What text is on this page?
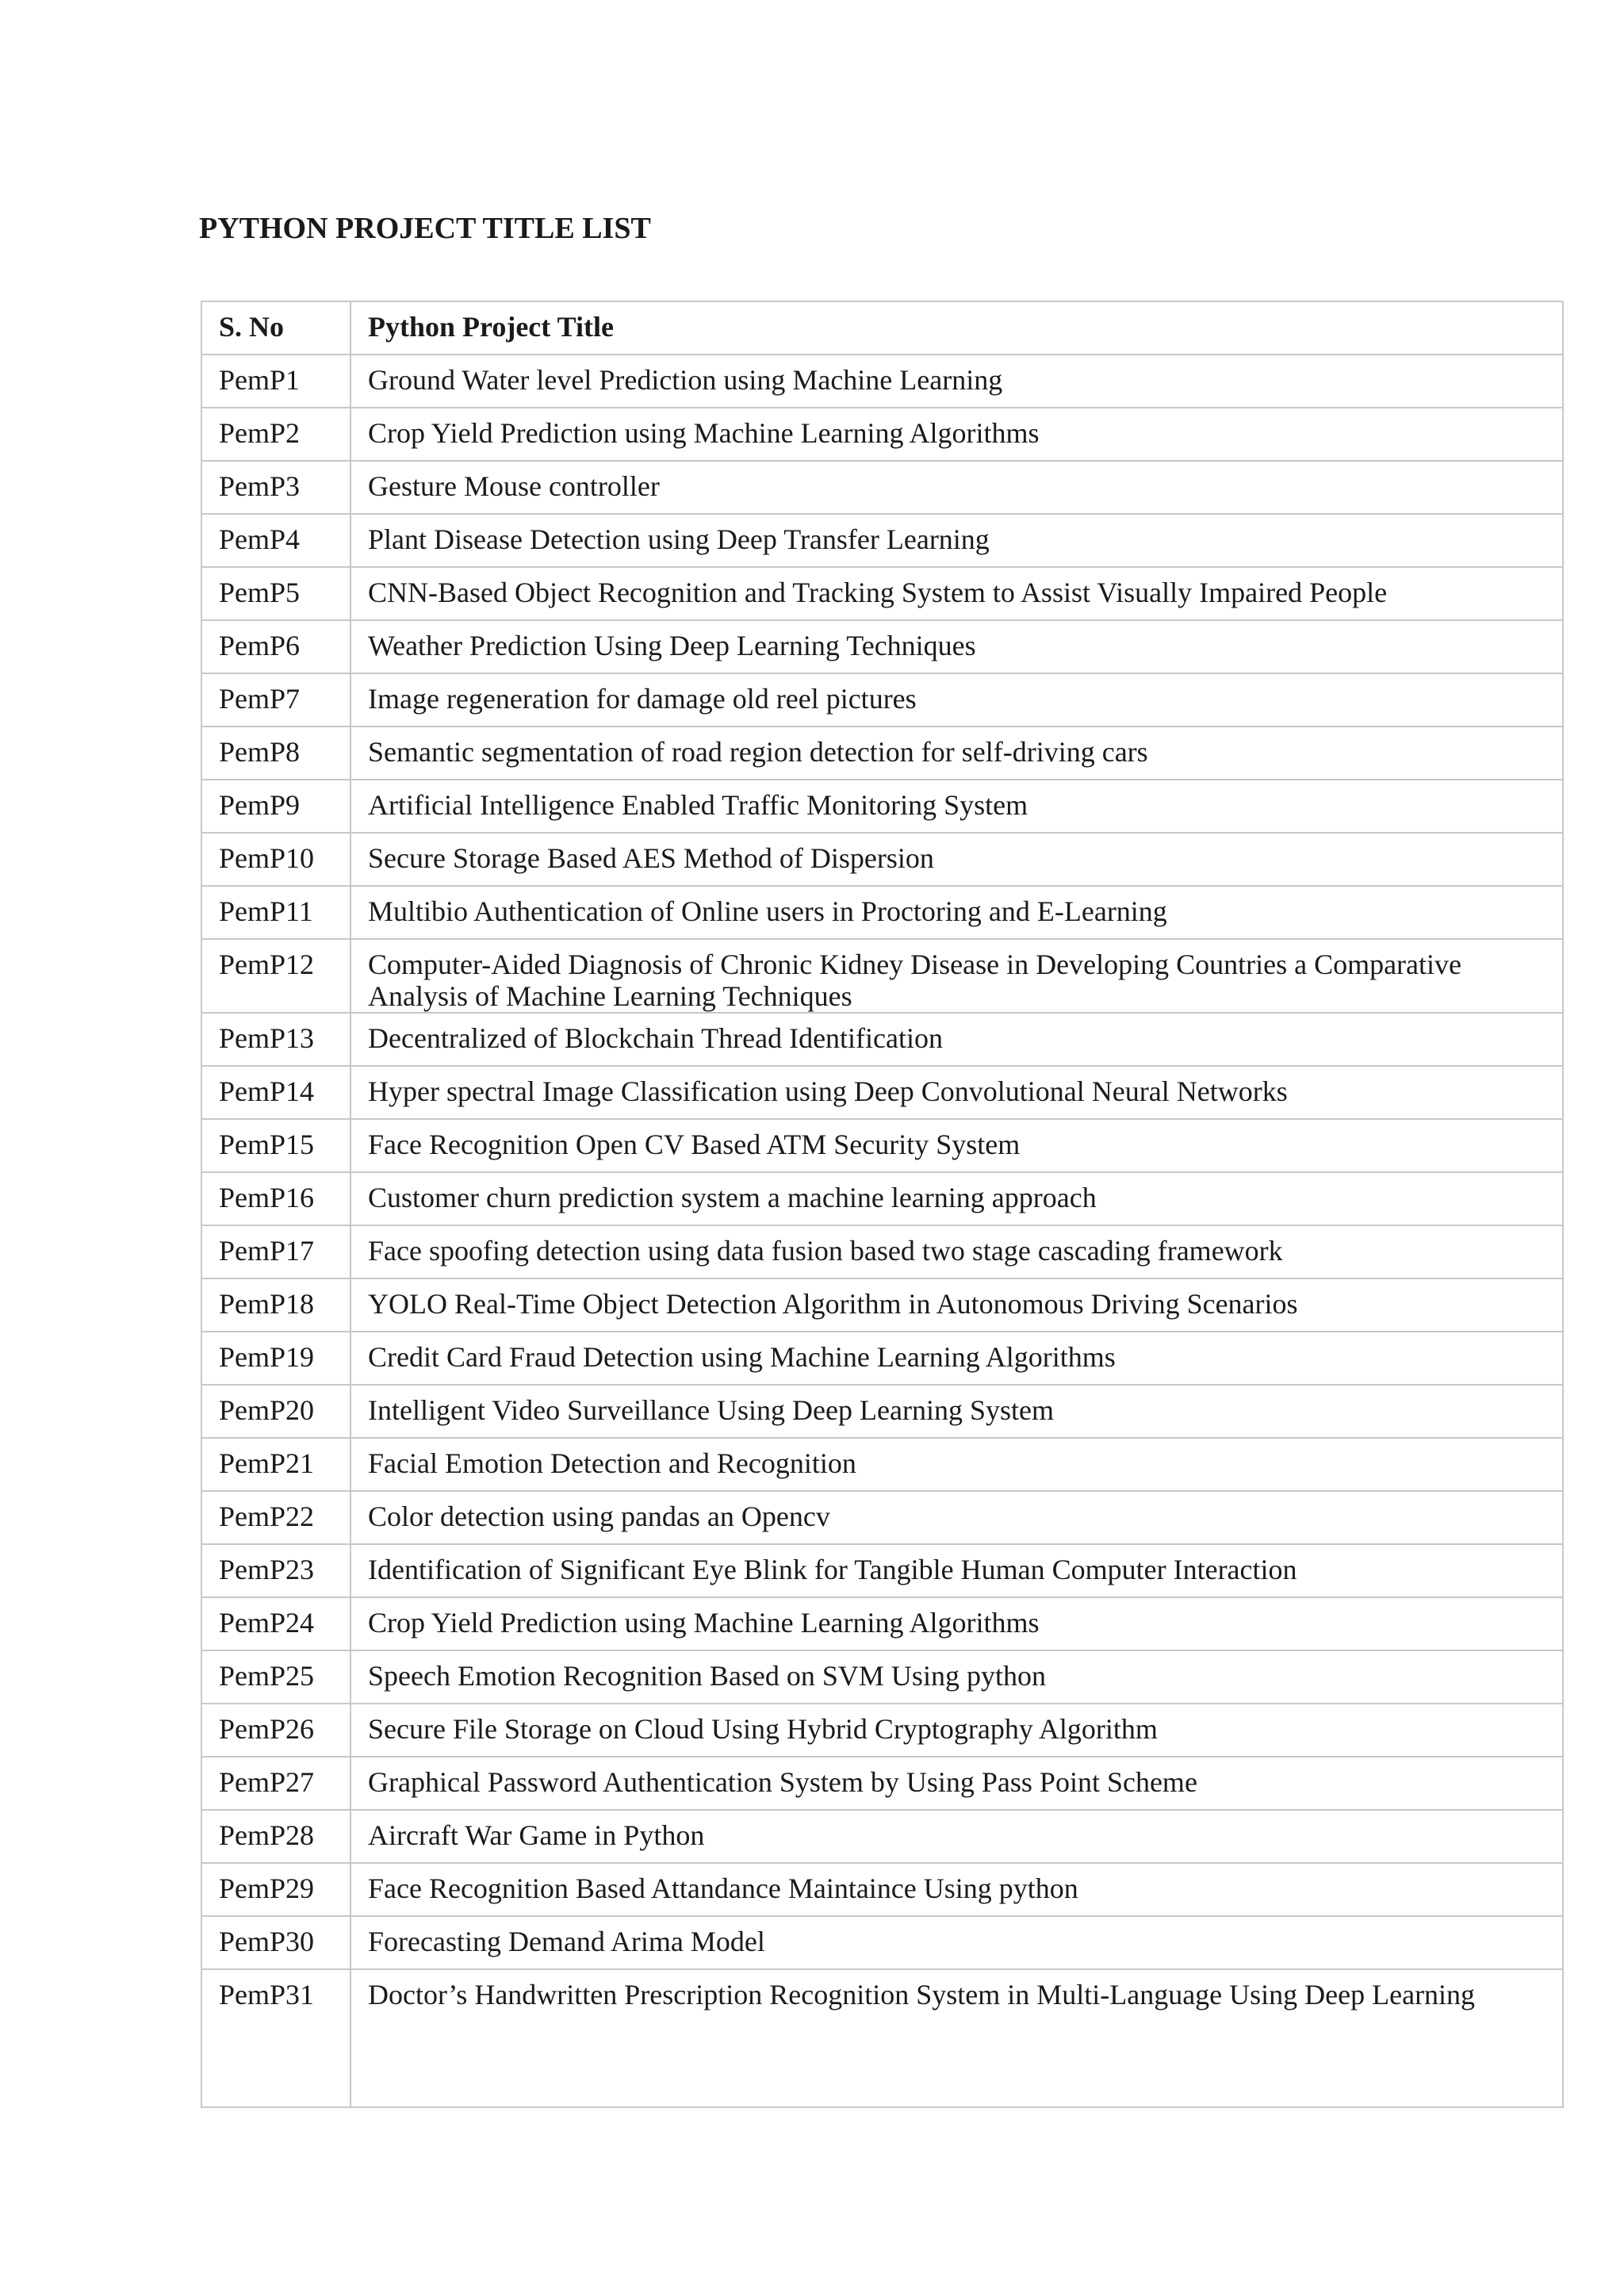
PYTHON PROJECT TITLE LIST
S. No	Python Project Title
PemP1	Ground Water level Prediction using Machine Learning
PemP2	Crop Yield Prediction using Machine Learning Algorithms
PemP3	Gesture Mouse controller
PemP4	Plant Disease Detection using Deep Transfer Learning
PemP5	CNN-Based Object Recognition and Tracking System to Assist Visually Impaired People
PemP6	Weather Prediction Using Deep Learning Techniques
PemP7	Image regeneration for damage old reel pictures
PemP8	Semantic segmentation of road region detection for self-driving cars
PemP9	Artificial Intelligence Enabled Traffic Monitoring System
PemP10	Secure Storage Based AES Method of Dispersion
PemP11	Multibio Authentication of Online users in Proctoring and E-Learning
PemP12	Computer-Aided Diagnosis of Chronic Kidney Disease in Developing Countries a Comparative Analysis of Machine Learning Techniques
PemP13	Decentralized of Blockchain Thread Identification
PemP14	Hyper spectral Image Classification using Deep Convolutional Neural Networks
PemP15	Face Recognition Open CV Based ATM Security System
PemP16	Customer churn prediction system a machine learning approach
PemP17	Face spoofing detection using data fusion based two stage cascading framework
PemP18	YOLO Real-Time Object Detection Algorithm in Autonomous Driving Scenarios
PemP19	Credit Card Fraud Detection using Machine Learning Algorithms
PemP20	Intelligent Video Surveillance Using Deep Learning System
PemP21	Facial Emotion Detection and Recognition
PemP22	Color detection using pandas an Opencv
PemP23	Identification of Significant Eye Blink for Tangible Human Computer Interaction
PemP24	Crop Yield Prediction using Machine Learning Algorithms
PemP25	Speech Emotion Recognition Based on SVM Using python
PemP26	Secure File Storage on Cloud Using Hybrid Cryptography Algorithm
PemP27	Graphical Password Authentication System by Using Pass Point Scheme
PemP28	Aircraft War Game in Python
PemP29	Face Recognition Based Attandance Maintaince Using python
PemP30	Forecasting Demand Arima Model
PemP31	Doctor’s Handwritten Prescription Recognition System in Multi-Language Using Deep Learning
